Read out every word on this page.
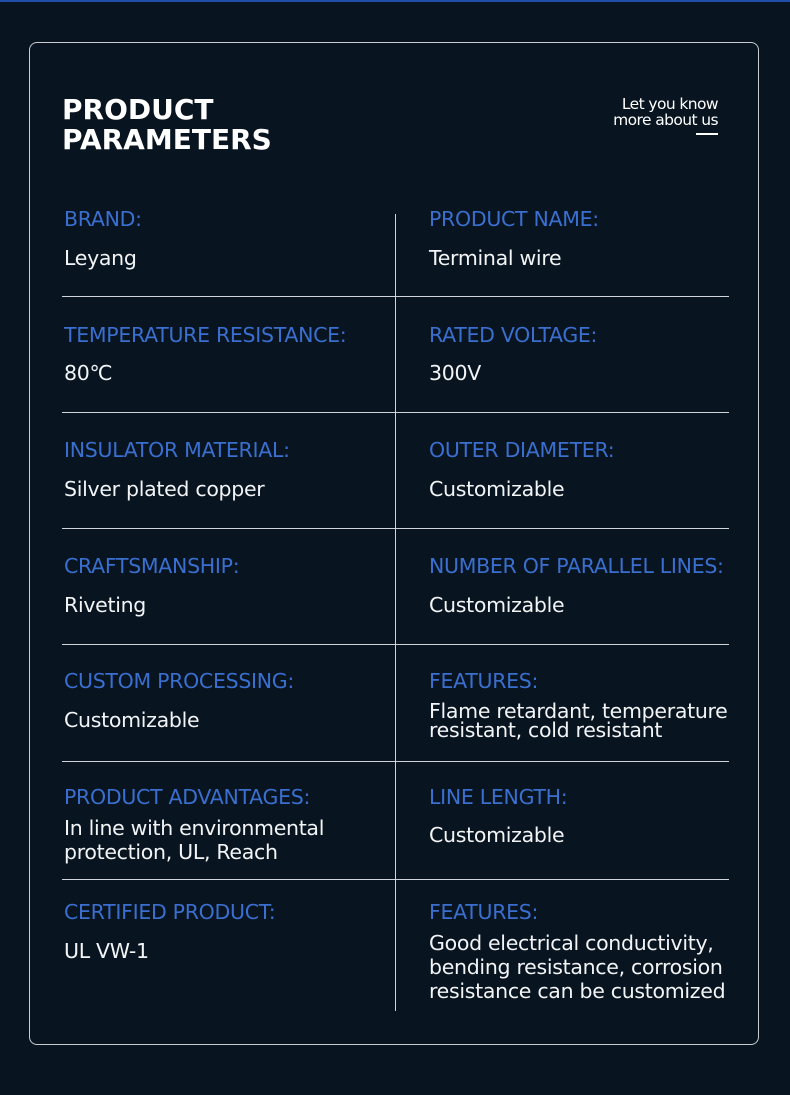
PRODUCT
PARAMETERS
Let you know
more about us
BRAND:
Leyang
PRODUCT NAME:
Terminal wire
TEMPERATURE RESISTANCE:
80℃
RATED VOLTAGE:
300V
INSULATOR MATERIAL:
Silver plated copper
OUTER DIAMETER:
Customizable
CRAFTSMANSHIP:
Riveting
NUMBER OF PARALLEL LINES:
Customizable
CUSTOM PROCESSING:
Customizable
FEATURES:
Flame retardant, temperature
resistant, cold resistant
PRODUCT ADVANTAGES:
In line with environmental
protection, UL, Reach
LINE LENGTH:
Customizable
CERTIFIED PRODUCT:
UL VW-1
FEATURES:
Good electrical conductivity,
bending resistance, corrosion
resistance can be customized
